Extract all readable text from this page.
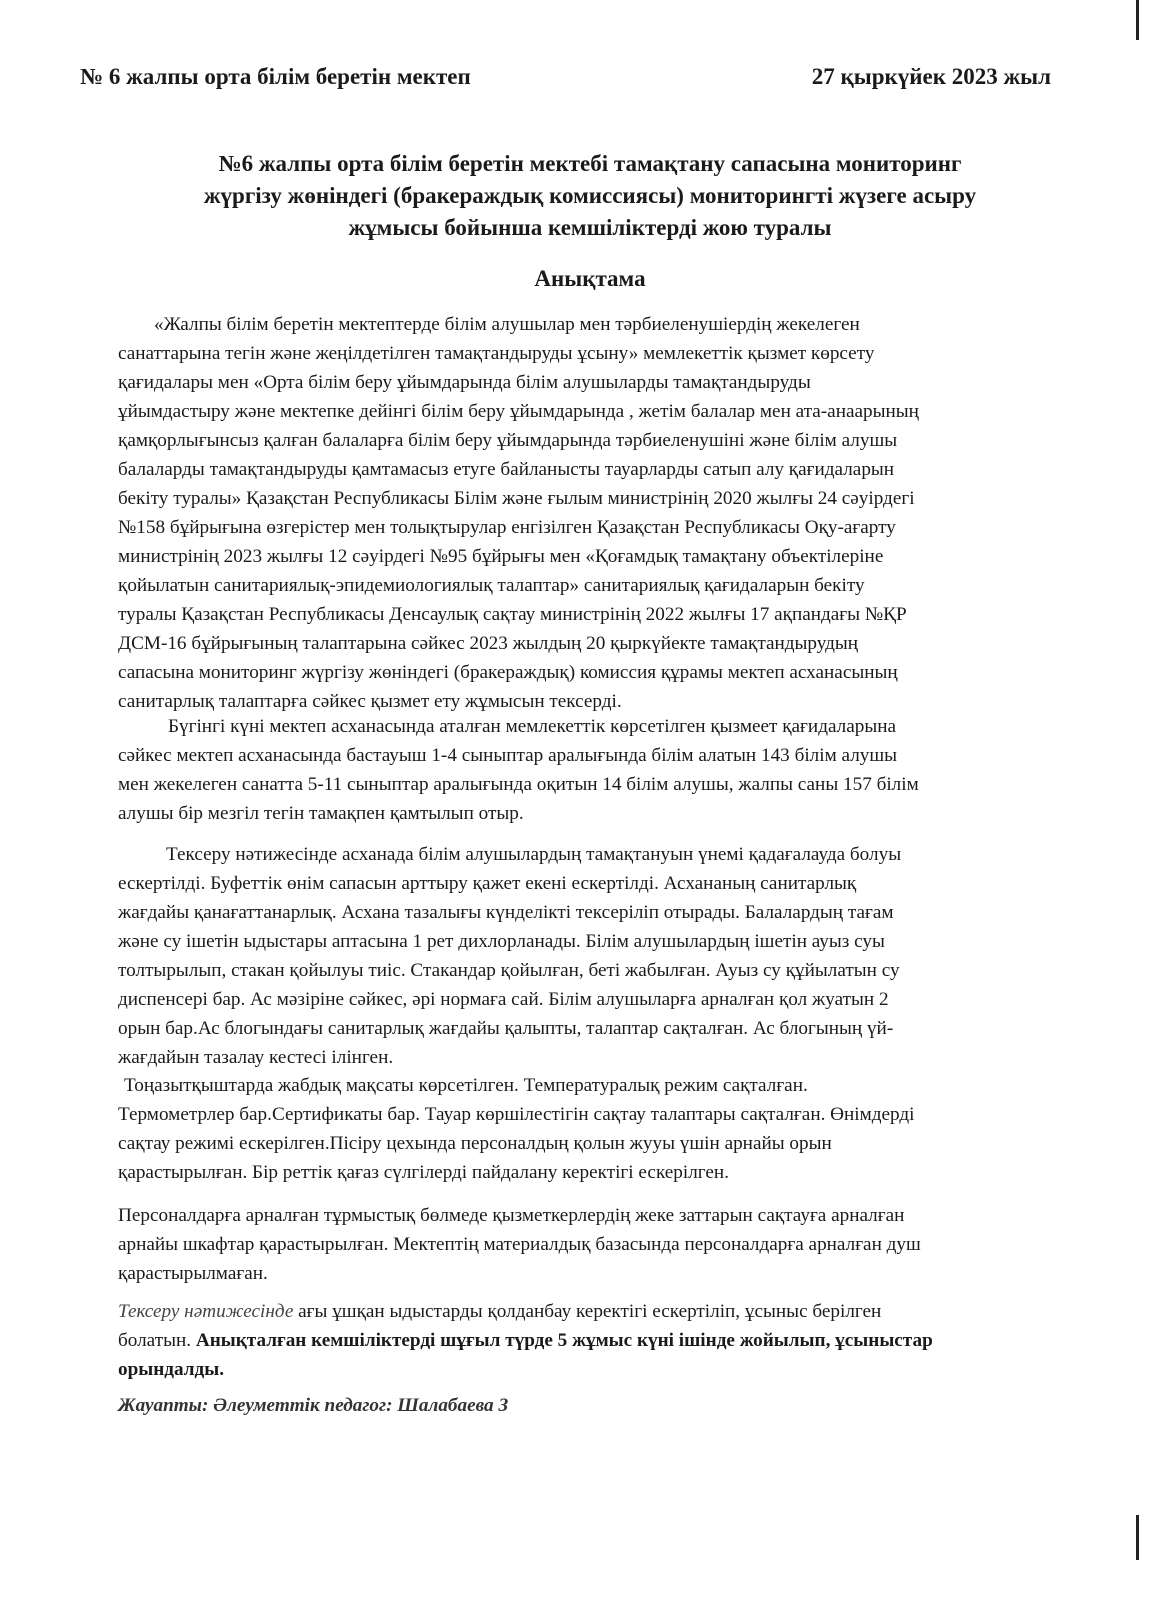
№ 6 жалпы орта білім беретін мектеп	27 қыркүйек 2023 жыл
№6 жалпы орта білім беретін мектебі тамақтану сапасына мониторинг
жүргізу жөніндегі (бракераждық комиссиясы) мониторингті жүзеге асыру
жұмысы бойынша кемшіліктерді жою туралы
Анықтама
«Жалпы білім беретін мектептерде білім алушылар мен тәрбиеленушіердің жекелеген
санаттарына тегін және жеңілдетілген тамақтандыруды ұсыну» мемлекеттік қызмет көрсету
қағидалары мен «Орта білім беру ұйымдарында білім алушыларды тамақтандыруды
ұйымдастыру және мектепке дейінгі білім беру ұйымдарында , жетім балалар мен ата-анаарының
қамқорлығынсыз қалған балаларға білім беру ұйымдарында тәрбиеленушіні және білім алушы
балаларды тамақтандыруды қамтамасыз етуге байланысты тауарларды сатып алу қағидаларын
бекіту туралы» Қазақстан Республикасы Білім және ғылым министрінің 2020 жылғы 24 сәуірдегі
№158 бұйрығына өзгерістер мен толықтырулар енгізілген Қазақстан Республикасы Оқу-ағарту
министрінің 2023 жылғы 12 сәуірдегі №95 бұйрығы мен «Қоғамдық тамақтану объектілеріне
қойылатын санитариялық-эпидемиологиялық талаптар» санитариялық қағидаларын бекіту
туралы Қазақстан Республикасы Денсаулық сақтау министрінің 2022 жылғы 17 ақпандағы №ҚР
ДСМ-16 бұйрығының талаптарына сәйкес 2023 жылдың 20 қыркүйекте тамақтандырудың
сапасына мониторинг жүргізу жөніндегі (бракераждық) комиссия құрамы мектеп асханасының
санитарлық талаптарға сәйкес қызмет ету жұмысын тексерді.
Бүгінгі күні мектеп асханасында аталған мемлекеттік көрсетілген қызмеет қағидаларына
сәйкес мектеп асханасында бастауыш 1-4 сыныптар аралығында білім алатын 143 білім алушы
мен жекелеген санатта 5-11 сыныптар аралығында оқитын 14 білім алушы, жалпы саны 157 білім
алушы бір мезгіл тегін тамақпен қамтылып отыр.
Тексеру нәтижесінде асханада білім алушылардың тамақтануын үнемі қадағалауда болуы
ескертілді. Буфеттік өнім сапасын арттыру қажет екені ескертілді. Асхананың санитарлық
жағдайы қанағаттанарлық. Асхана тазалығы күнделікті тексеріліп отырады. Балалардың тағам
және су ішетін ыдыстары аптасына 1 рет дихлорланады. Білім алушылардың ішетін ауыз суы
толтырылып, стакан қойылуы тиіс. Стакандар қойылған, беті жабылған. Ауыз су құйылатын су
диспенсері бар. Ас мәзіріне сәйкес, әрі нормаға сай. Білім алушыларға арналған қол жуатын 2
орын бар.Ас блогындағы санитарлық жағдайы қалыпты, талаптар сақталған. Ас блогының үй-
жағдайын тазалау кестесі ілінген.
Тоңазытқыштарда жабдық мақсаты көрсетілген. Температуралық режим сақталған.
Термометрлер бар.Сертификаты бар. Тауар көршілестігін сақтау талаптары сақталған. Өнімдерді
сақтау режимі ескерілген.Пісіру цехында персоналдың қолын жууы үшін арнайы орын
қарастырылған. Бір реттік қағаз сүлгілерді пайдалану керектігі ескерілген.
Персоналдарға арналған тұрмыстық бөлмеде қызметкерлердің жеке заттарын сақтауға арналған
арнайы шкафтар қарастырылған. Мектептің материалдық базасында персоналдарға арналған душ
қарастырылмаған.
Тексеру нәтижесінде ағы ұшқан ыдыстарды қолданбау керектігі ескертіліп, ұсыныс берілген
болатын. Анықталған кемшіліктерді шұғыл түрде 5 жұмыс күні ішінде жойылып, ұсыныстар
орындалды.
Жауапты: Әлеуметтік педагог: Шалабаева З
